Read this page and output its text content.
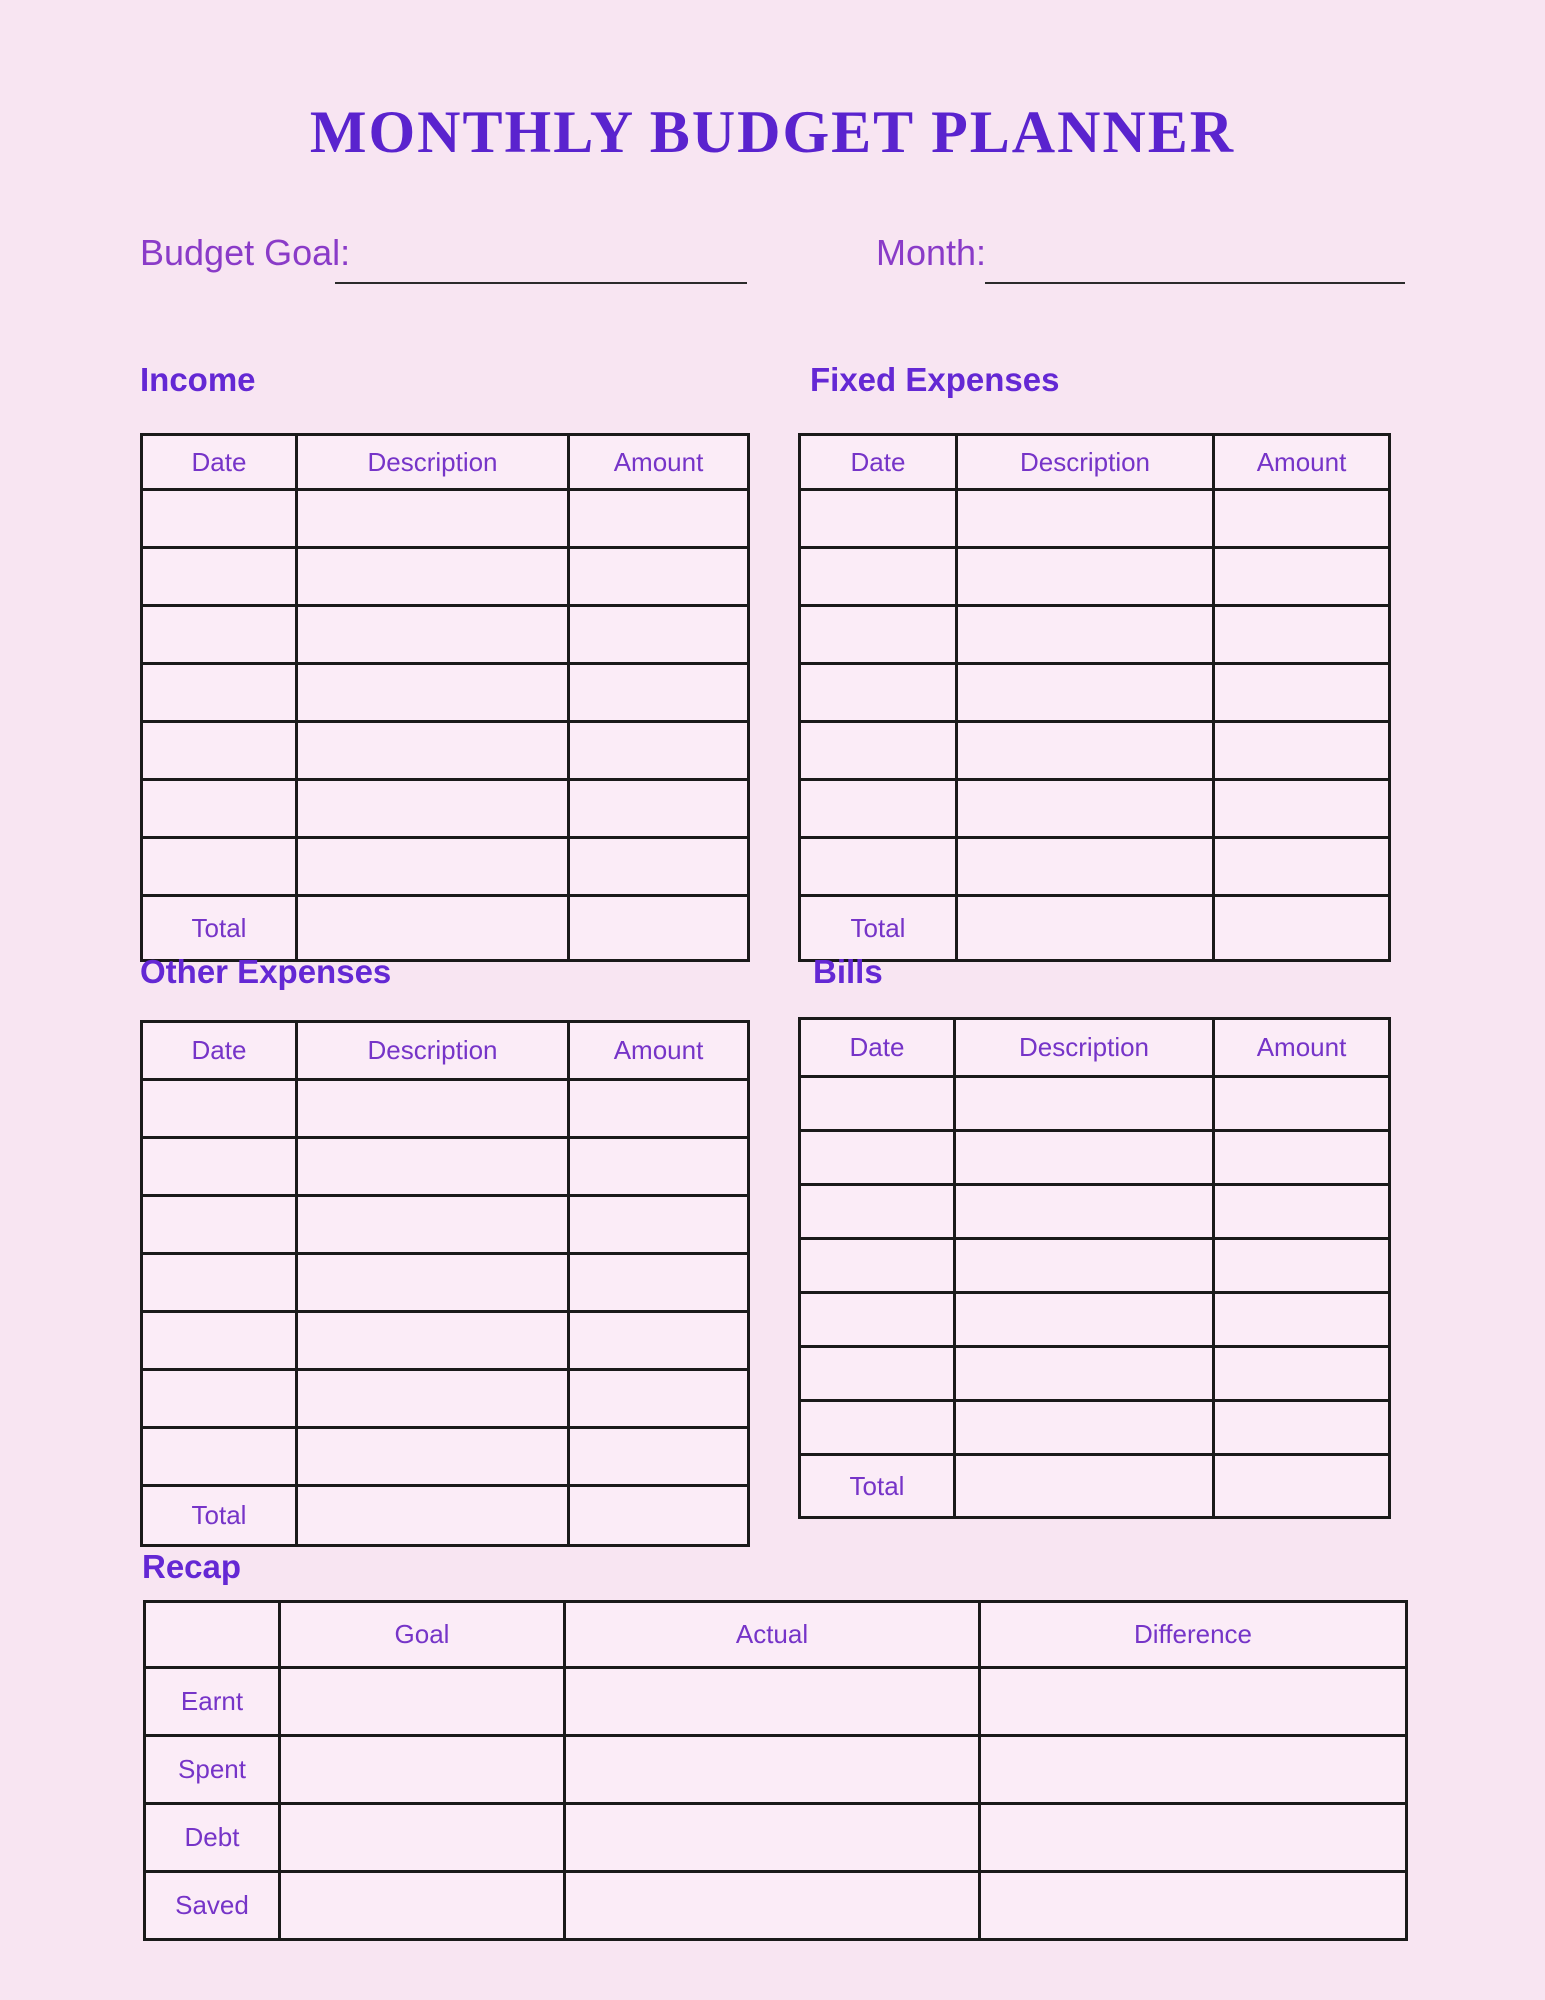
MONTHLY BUDGET PLANNER

Budget Goal:	Month:

Income
Date	Description	Amount

Total		
Fixed Expenses
Date	Description	Amount

Total		
Other Expenses
Date	Description	Amount

Total		
Bills
Date	Description	Amount

Total		
Recap
	Goal	Actual	Difference
Earnt			
Spent			
Debt			
Saved			
